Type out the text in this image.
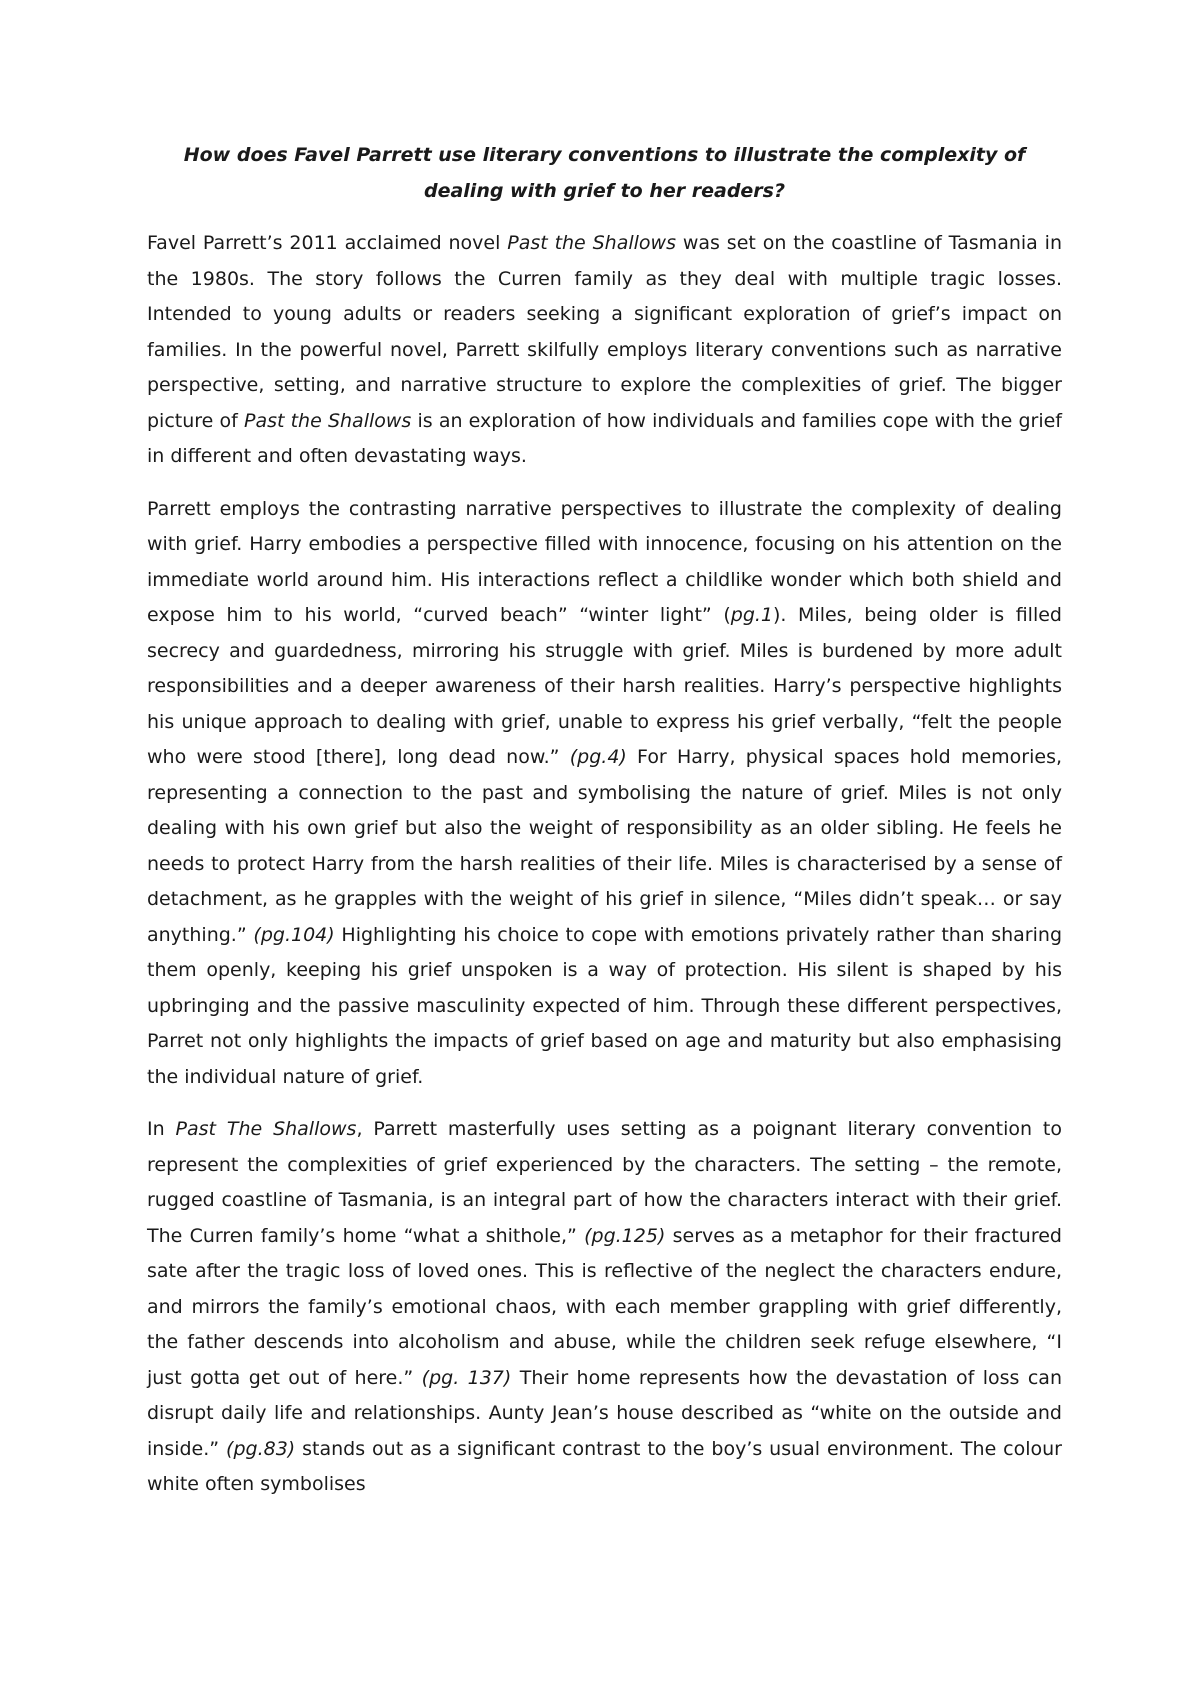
How does Favel Parrett use literary conventions to illustrate the complexity of dealing with grief to her readers?

Favel Parrett’s 2011 acclaimed novel Past the Shallows was set on the coastline of Tasmania in the 1980s. The story follows the Curren family as they deal with multiple tragic losses. Intended to young adults or readers seeking a significant exploration of grief’s impact on families. In the powerful novel, Parrett skilfully employs literary conventions such as narrative perspective, setting, and narrative structure to explore the complexities of grief. The bigger picture of Past the Shallows is an exploration of how individuals and families cope with the grief in different and often devastating ways.

Parrett employs the contrasting narrative perspectives to illustrate the complexity of dealing with grief. Harry embodies a perspective filled with innocence, focusing on his attention on the immediate world around him. His interactions reflect a childlike wonder which both shield and expose him to his world, “curved beach” “winter light” (pg.1). Miles, being older is filled secrecy and guardedness, mirroring his struggle with grief. Miles is burdened by more adult responsibilities and a deeper awareness of their harsh realities. Harry’s perspective highlights his unique approach to dealing with grief, unable to express his grief verbally, “felt the people who were stood [there], long dead now.” (pg.4) For Harry, physical spaces hold memories, representing a connection to the past and symbolising the nature of grief. Miles is not only dealing with his own grief but also the weight of responsibility as an older sibling. He feels he needs to protect Harry from the harsh realities of their life. Miles is characterised by a sense of detachment, as he grapples with the weight of his grief in silence, “Miles didn’t speak… or say anything.” (pg.104) Highlighting his choice to cope with emotions privately rather than sharing them openly, keeping his grief unspoken is a way of protection. His silent is shaped by his upbringing and the passive masculinity expected of him. Through these different perspectives, Parret not only highlights the impacts of grief based on age and maturity but also emphasising the individual nature of grief.

In Past The Shallows, Parrett masterfully uses setting as a poignant literary convention to represent the complexities of grief experienced by the characters. The setting – the remote, rugged coastline of Tasmania, is an integral part of how the characters interact with their grief. The Curren family’s home “what a shithole,” (pg.125) serves as a metaphor for their fractured sate after the tragic loss of loved ones. This is reflective of the neglect the characters endure, and mirrors the family’s emotional chaos, with each member grappling with grief differently, the father descends into alcoholism and abuse, while the children seek refuge elsewhere, “I just gotta get out of here.” (pg. 137) Their home represents how the devastation of loss can disrupt daily life and relationships. Aunty Jean’s house described as “white on the outside and inside.” (pg.83) stands out as a significant contrast to the boy’s usual environment. The colour white often symbolises
